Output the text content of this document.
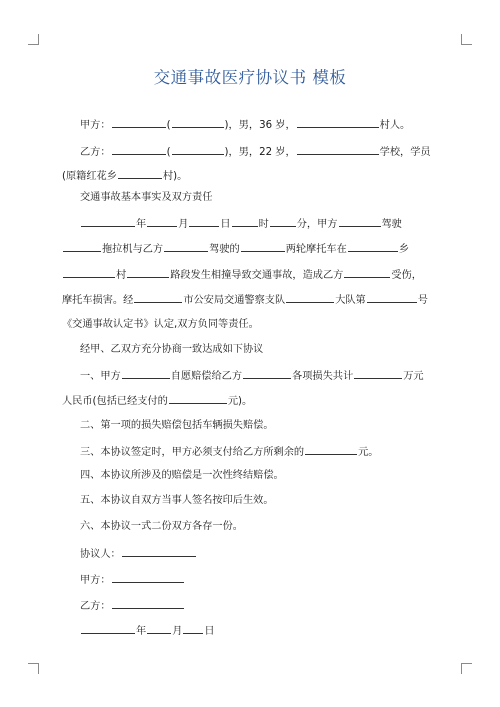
交通事故医疗协议书 模板
甲方：	(	)，男，36 岁，	村人。
乙方：	(	)，男，22 岁，	学校，学员
(原籍红花乡	村)。
交通事故基本事实及双方责任
年	月	日	时	分，甲方	驾驶
拖拉机与乙方	驾驶的	两轮摩托车在	乡
村	路段发生相撞导致交通事故，造成乙方	受伤，
摩托车损害。经	市公安局交通警察支队	大队第	号
《交通事故认定书》认定,双方负同等责任。
经甲、乙双方充分协商一致达成如下协议
一、甲方	自愿赔偿给乙方	各项损失共计	万元
人民币(包括已经支付的	元)。
二、第一项的损失赔偿包括车辆损失赔偿。
三、本协议签定时，甲方必须支付给乙方所剩余的	元。
四、本协议所涉及的赔偿是一次性终结赔偿。
五、本协议自双方当事人签名按印后生效。
六、本协议一式二份双方各存一份。
协议人：
甲方：
乙方：
年	月 日
